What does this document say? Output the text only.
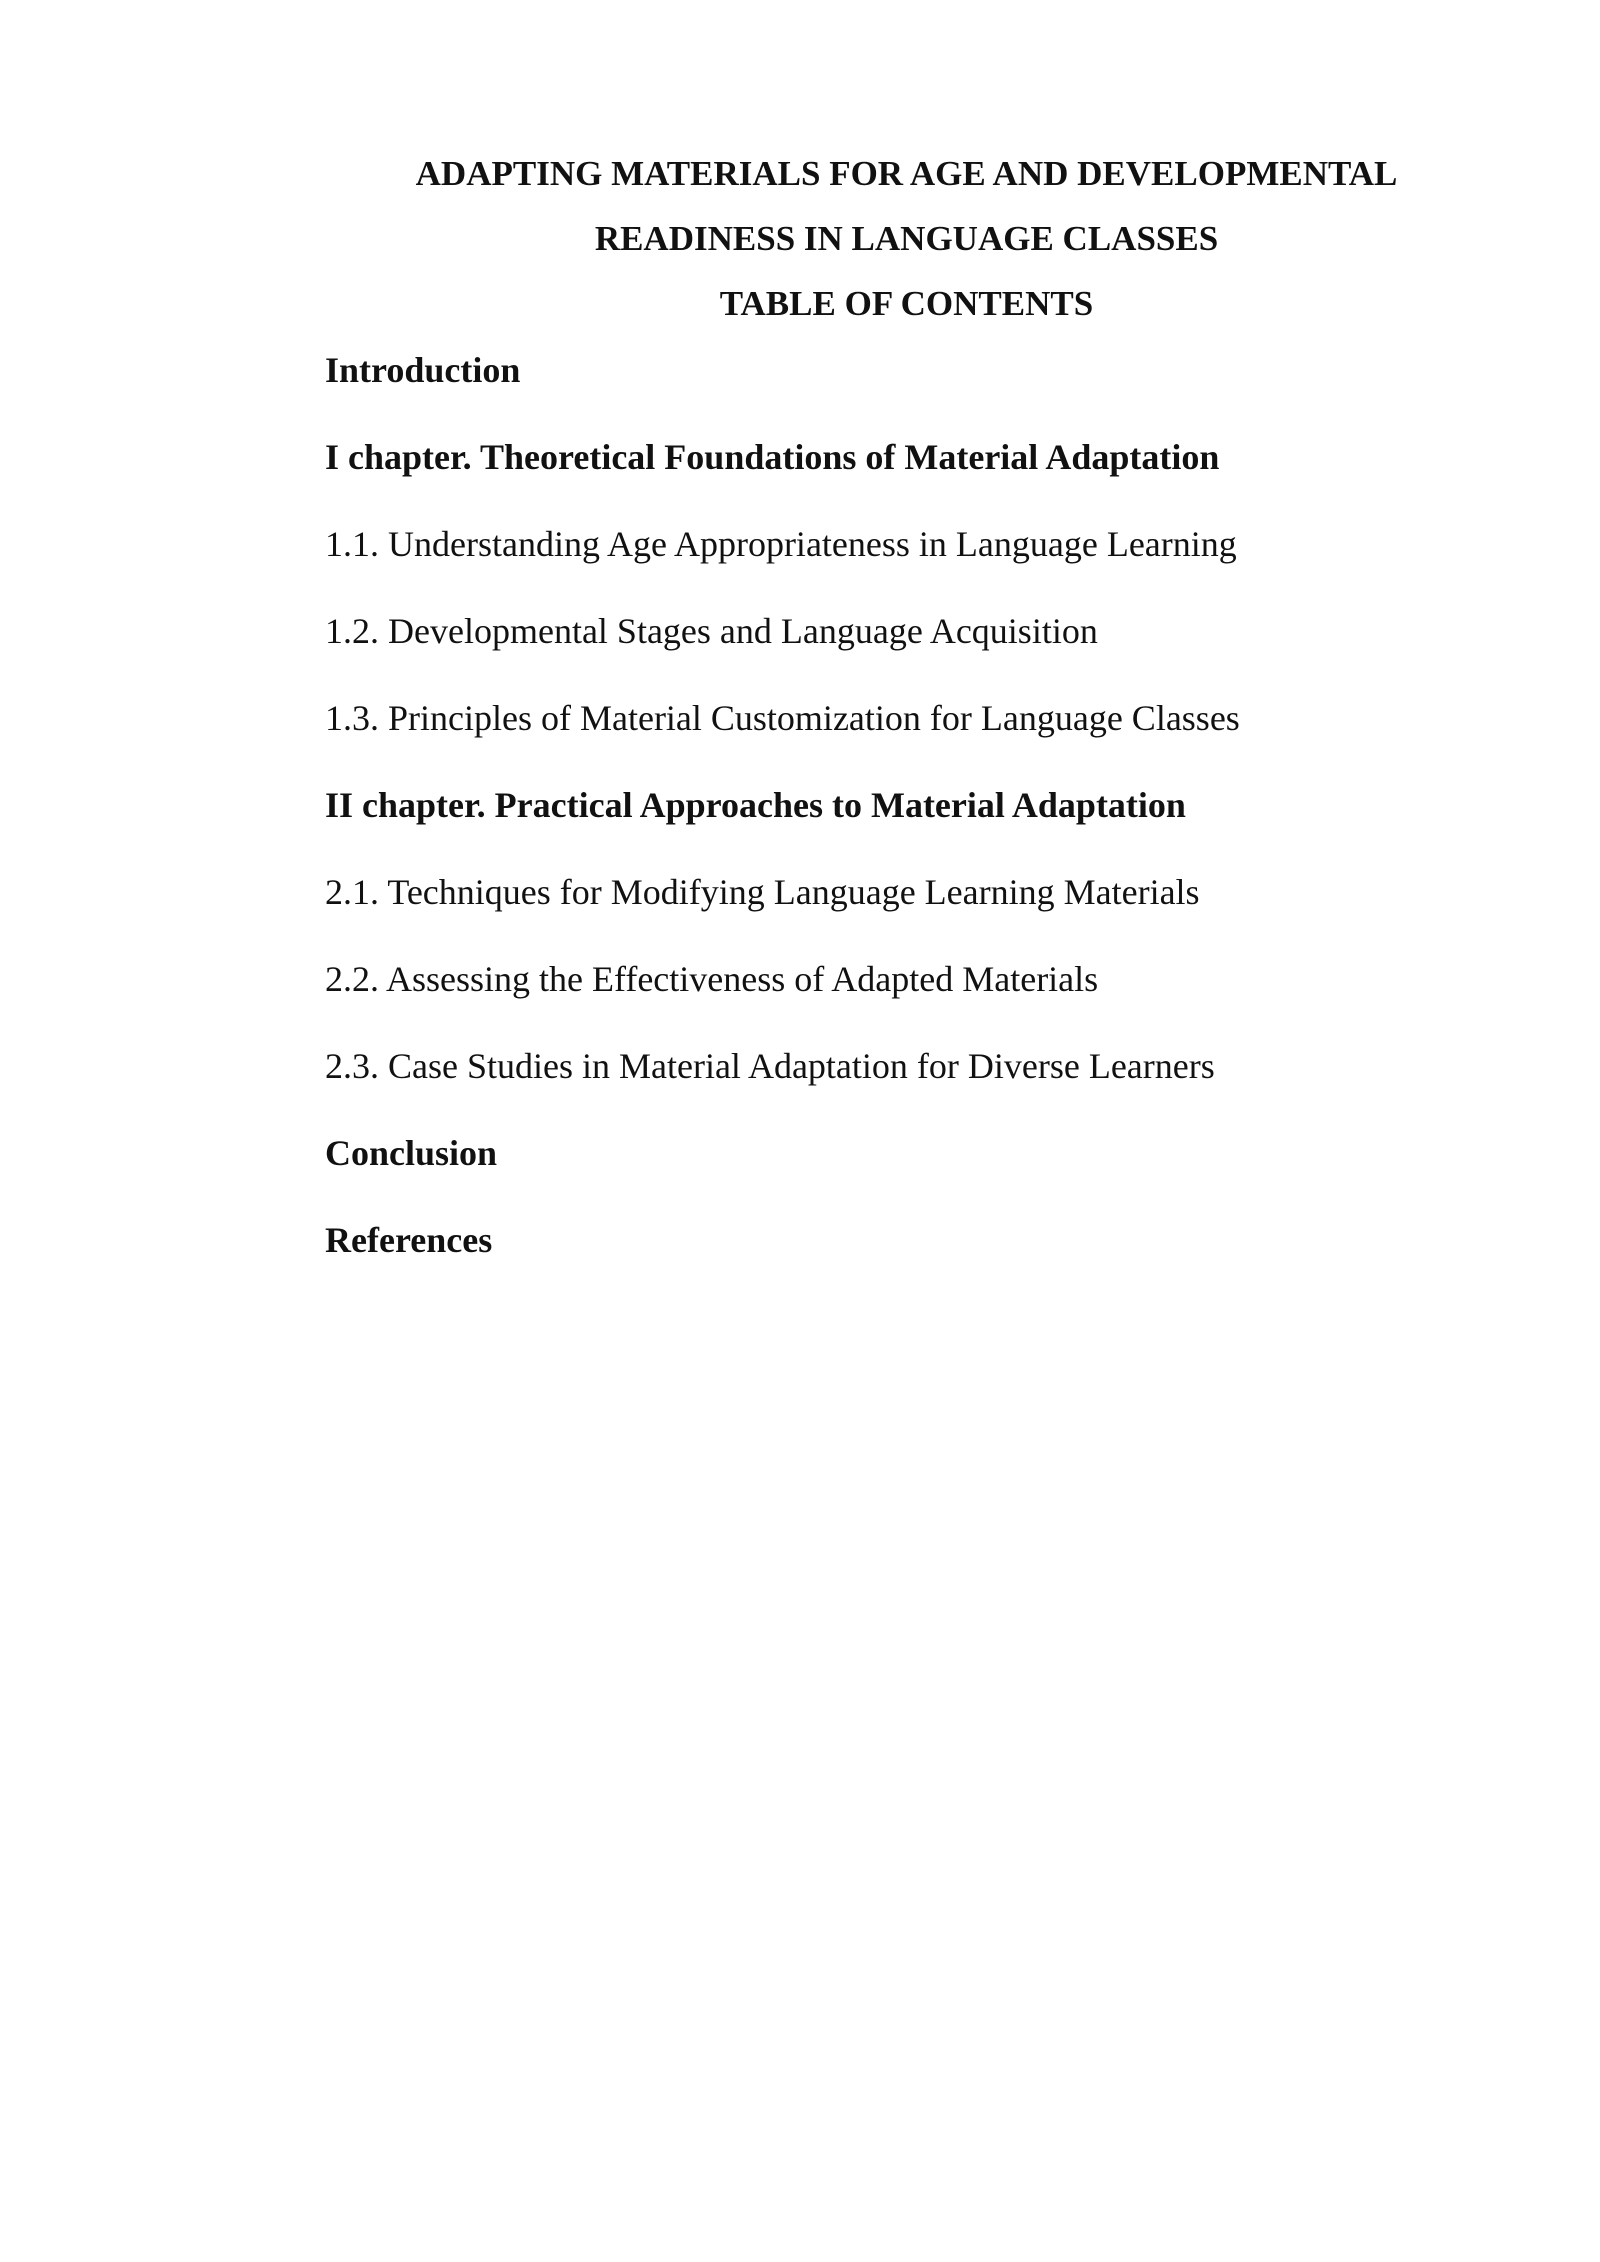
ADAPTING MATERIALS FOR AGE AND DEVELOPMENTAL
READINESS IN LANGUAGE CLASSES
TABLE OF CONTENTS
Introduction
I chapter. Theoretical Foundations of Material Adaptation
1.1. Understanding Age Appropriateness in Language Learning
1.2. Developmental Stages and Language Acquisition
1.3. Principles of Material Customization for Language Classes
II chapter. Practical Approaches to Material Adaptation
2.1. Techniques for Modifying Language Learning Materials
2.2. Assessing the Effectiveness of Adapted Materials
2.3. Case Studies in Material Adaptation for Diverse Learners
Conclusion
References
